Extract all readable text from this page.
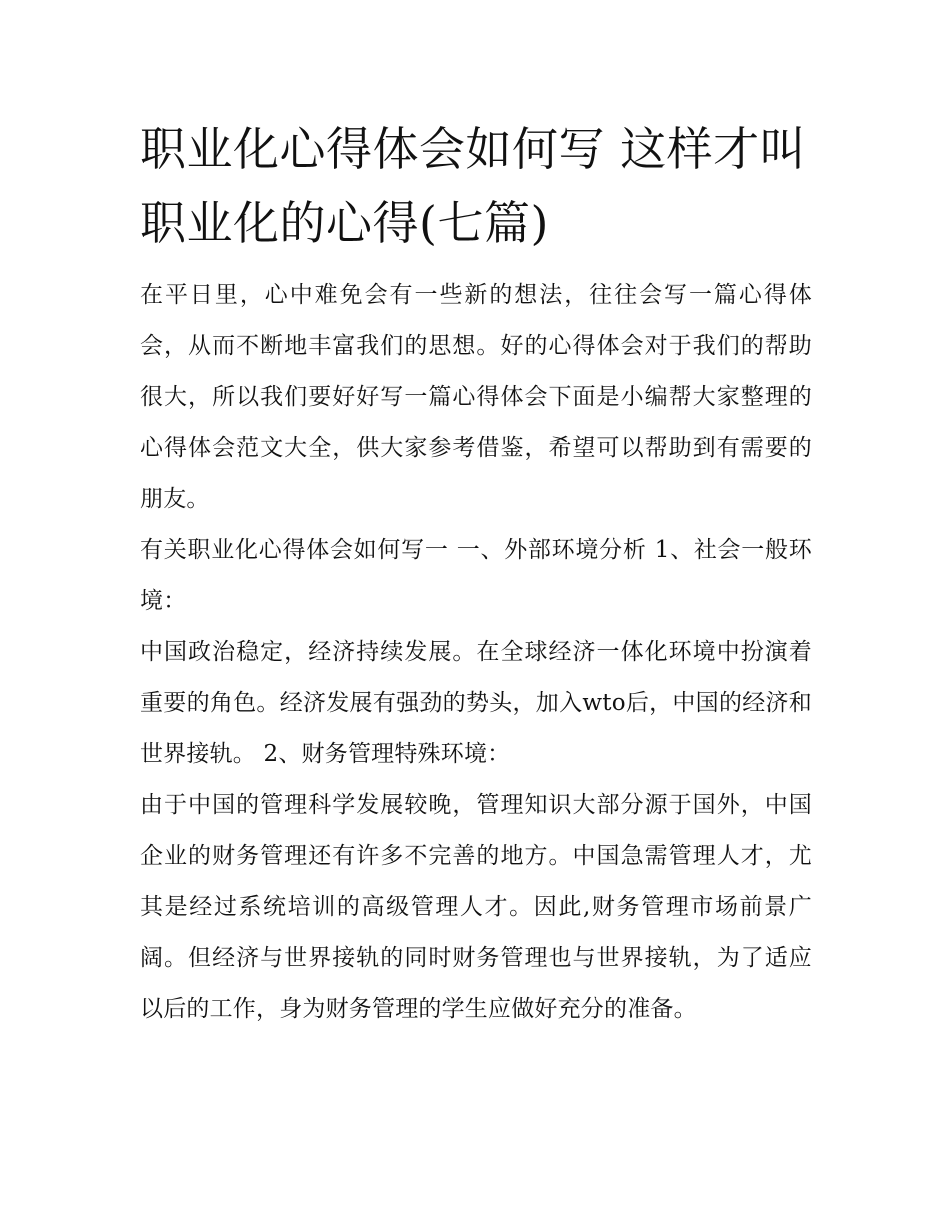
职业化心得体会如何写 这样才叫职业化的心得(七篇)

在平日里，心中难免会有一些新的想法，往往会写一篇心得体会，从而不断地丰富我们的思想。好的心得体会对于我们的帮助很大，所以我们要好好写一篇心得体会下面是小编帮大家整理的心得体会范文大全，供大家参考借鉴，希望可以帮助到有需要的朋友。

有关职业化心得体会如何写一 一、外部环境分析 1、社会一般环境：

中国政治稳定，经济持续发展。在全球经济一体化环境中扮演着重要的角色。经济发展有强劲的势头，加入wto后，中国的经济和世界接轨。 2、财务管理特殊环境：

由于中国的管理科学发展较晚，管理知识大部分源于国外，中国企业的财务管理还有许多不完善的地方。中国急需管理人才，尤其是经过系统培训的高级管理人才。因此,财务管理市场前景广阔。但经济与世界接轨的同时财务管理也与世界接轨，为了适应以后的工作，身为财务管理的学生应做好充分的准备。
